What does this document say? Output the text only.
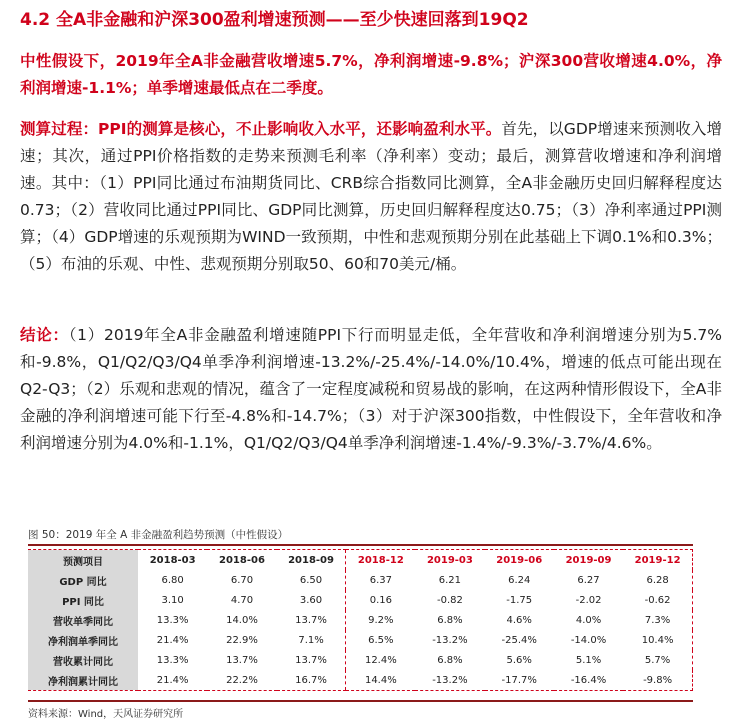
4.2 全A非金融和沪深300盈利增速预测——至少快速回落到19Q2
中性假设下，2019年全A非金融营收增速5.7%，净利润增速-9.8%；沪深300营收增速4.0%，净利润增速-1.1%；单季增速最低点在二季度。
测算过程：PPI的测算是核心，不止影响收入水平，还影响盈利水平。首先，以GDP增速来预测收入增速；其次，通过PPI价格指数的走势来预测毛利率（净利率）变动；最后，测算营收增速和净利润增速。其中：（1）PPI同比通过布油期货同比、CRB综合指数同比测算，全A非金融历史回归解释程度达0.73；（2）营收同比通过PPI同比、GDP同比测算，历史回归解释程度达0.75；（3）净利率通过PPI测算；（4）GDP增速的乐观预期为WIND一致预期，中性和悲观预期分别在此基础上下调0.1%和0.3%；（5）布油的乐观、中性、悲观预期分别取50、60和70美元/桶。
结论：（1）2019年全A非金融盈利增速随PPI下行而明显走低，全年营收和净利润增速分别为5.7%和-9.8%，Q1/Q2/Q3/Q4单季净利润增速-13.2%/-25.4%/-14.0%/10.4%，增速的低点可能出现在Q2-Q3；（2）乐观和悲观的情况，蕴含了一定程度减税和贸易战的影响，在这两种情形假设下，全A非金融的净利润增速可能下行至-4.8%和-14.7%；（3）对于沪深300指数，中性假设下，全年营收和净利润增速分别为4.0%和-1.1%，Q1/Q2/Q3/Q4单季净利润增速-1.4%/-9.3%/-3.7%/4.6%。
图 50：2019 年全 A 非金融盈利趋势预测（中性假设）
预测项目	2018-03	2018-06	2018-09	2018-12	2019-03	2019-06	2019-09	2019-12
GDP 同比	6.80	6.70	6.50	6.37	6.21	6.24	6.27	6.28
PPI 同比	3.10	4.70	3.60	0.16	-0.82	-1.75	-2.02	-0.62
营收单季同比	13.3%	14.0%	13.7%	9.2%	6.8%	4.6%	4.0%	7.3%
净利润单季同比	21.4%	22.9%	7.1%	6.5%	-13.2%	-25.4%	-14.0%	10.4%
营收累计同比	13.3%	13.7%	13.7%	12.4%	6.8%	5.6%	5.1%	5.7%
净利润累计同比	21.4%	22.2%	16.7%	14.4%	-13.2%	-17.7%	-16.4%	-9.8%
资料来源：Wind，天风证券研究所
